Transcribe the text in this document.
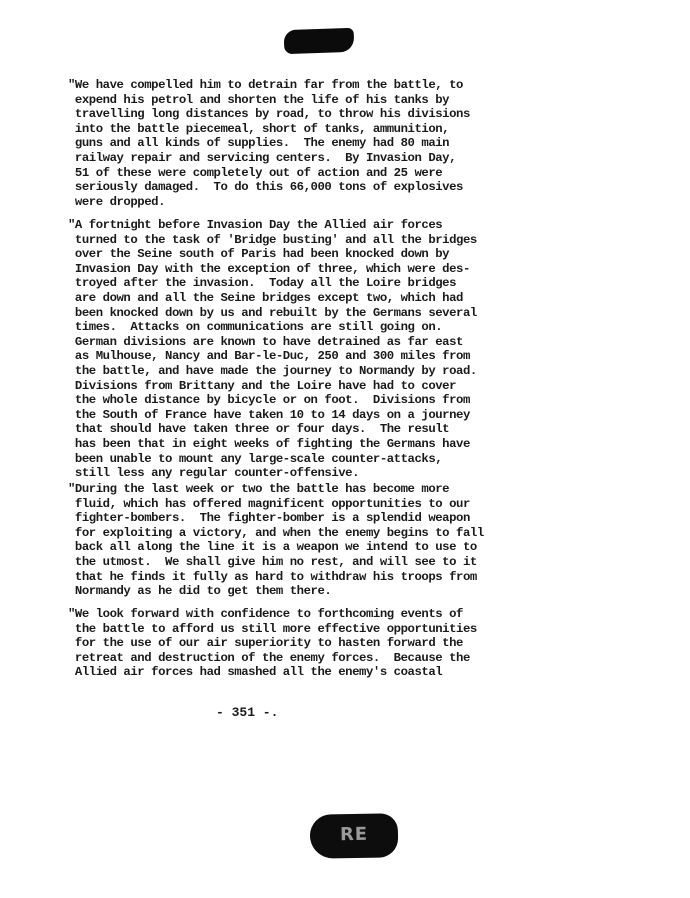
"We have compelled him to detrain far from the battle, to
expend his petrol and shorten the life of his tanks by
travelling long distances by road, to throw his divisions
into the battle piecemeal, short of tanks, ammunition,
guns and all kinds of supplies.  The enemy had 80 main
railway repair and servicing centers.  By Invasion Day,
51 of these were completely out of action and 25 were
seriously damaged.  To do this 66,000 tons of explosives
were dropped.

"A fortnight before Invasion Day the Allied air forces
turned to the task of 'Bridge busting' and all the bridges
over the Seine south of Paris had been knocked down by
Invasion Day with the exception of three, which were des-
troyed after the invasion.  Today all the Loire bridges
are down and all the Seine bridges except two, which had
been knocked down by us and rebuilt by the Germans several
times.  Attacks on communications are still going on.
German divisions are known to have detrained as far east
as Mulhouse, Nancy and Bar-le-Duc, 250 and 300 miles from
the battle, and have made the journey to Normandy by road.
Divisions from Brittany and the Loire have had to cover
the whole distance by bicycle or on foot.  Divisions from
the South of France have taken 10 to 14 days on a journey
that should have taken three or four days.  The result
has been that in eight weeks of fighting the Germans have
been unable to mount any large-scale counter-attacks,
still less any regular counter-offensive.

"During the last week or two the battle has become more
fluid, which has offered magnificent opportunities to our
fighter-bombers.  The fighter-bomber is a splendid weapon
for exploiting a victory, and when the enemy begins to fall
back all along the line it is a weapon we intend to use to
the utmost.  We shall give him no rest, and will see to it
that he finds it fully as hard to withdraw his troops from
Normandy as he did to get them there.

"We look forward with confidence to forthcoming events of
the battle to afford us still more effective opportunities
for the use of our air superiority to hasten forward the
retreat and destruction of the enemy forces.  Because the
Allied air forces had smashed all the enemy's coastal

- 351 -.
RE
